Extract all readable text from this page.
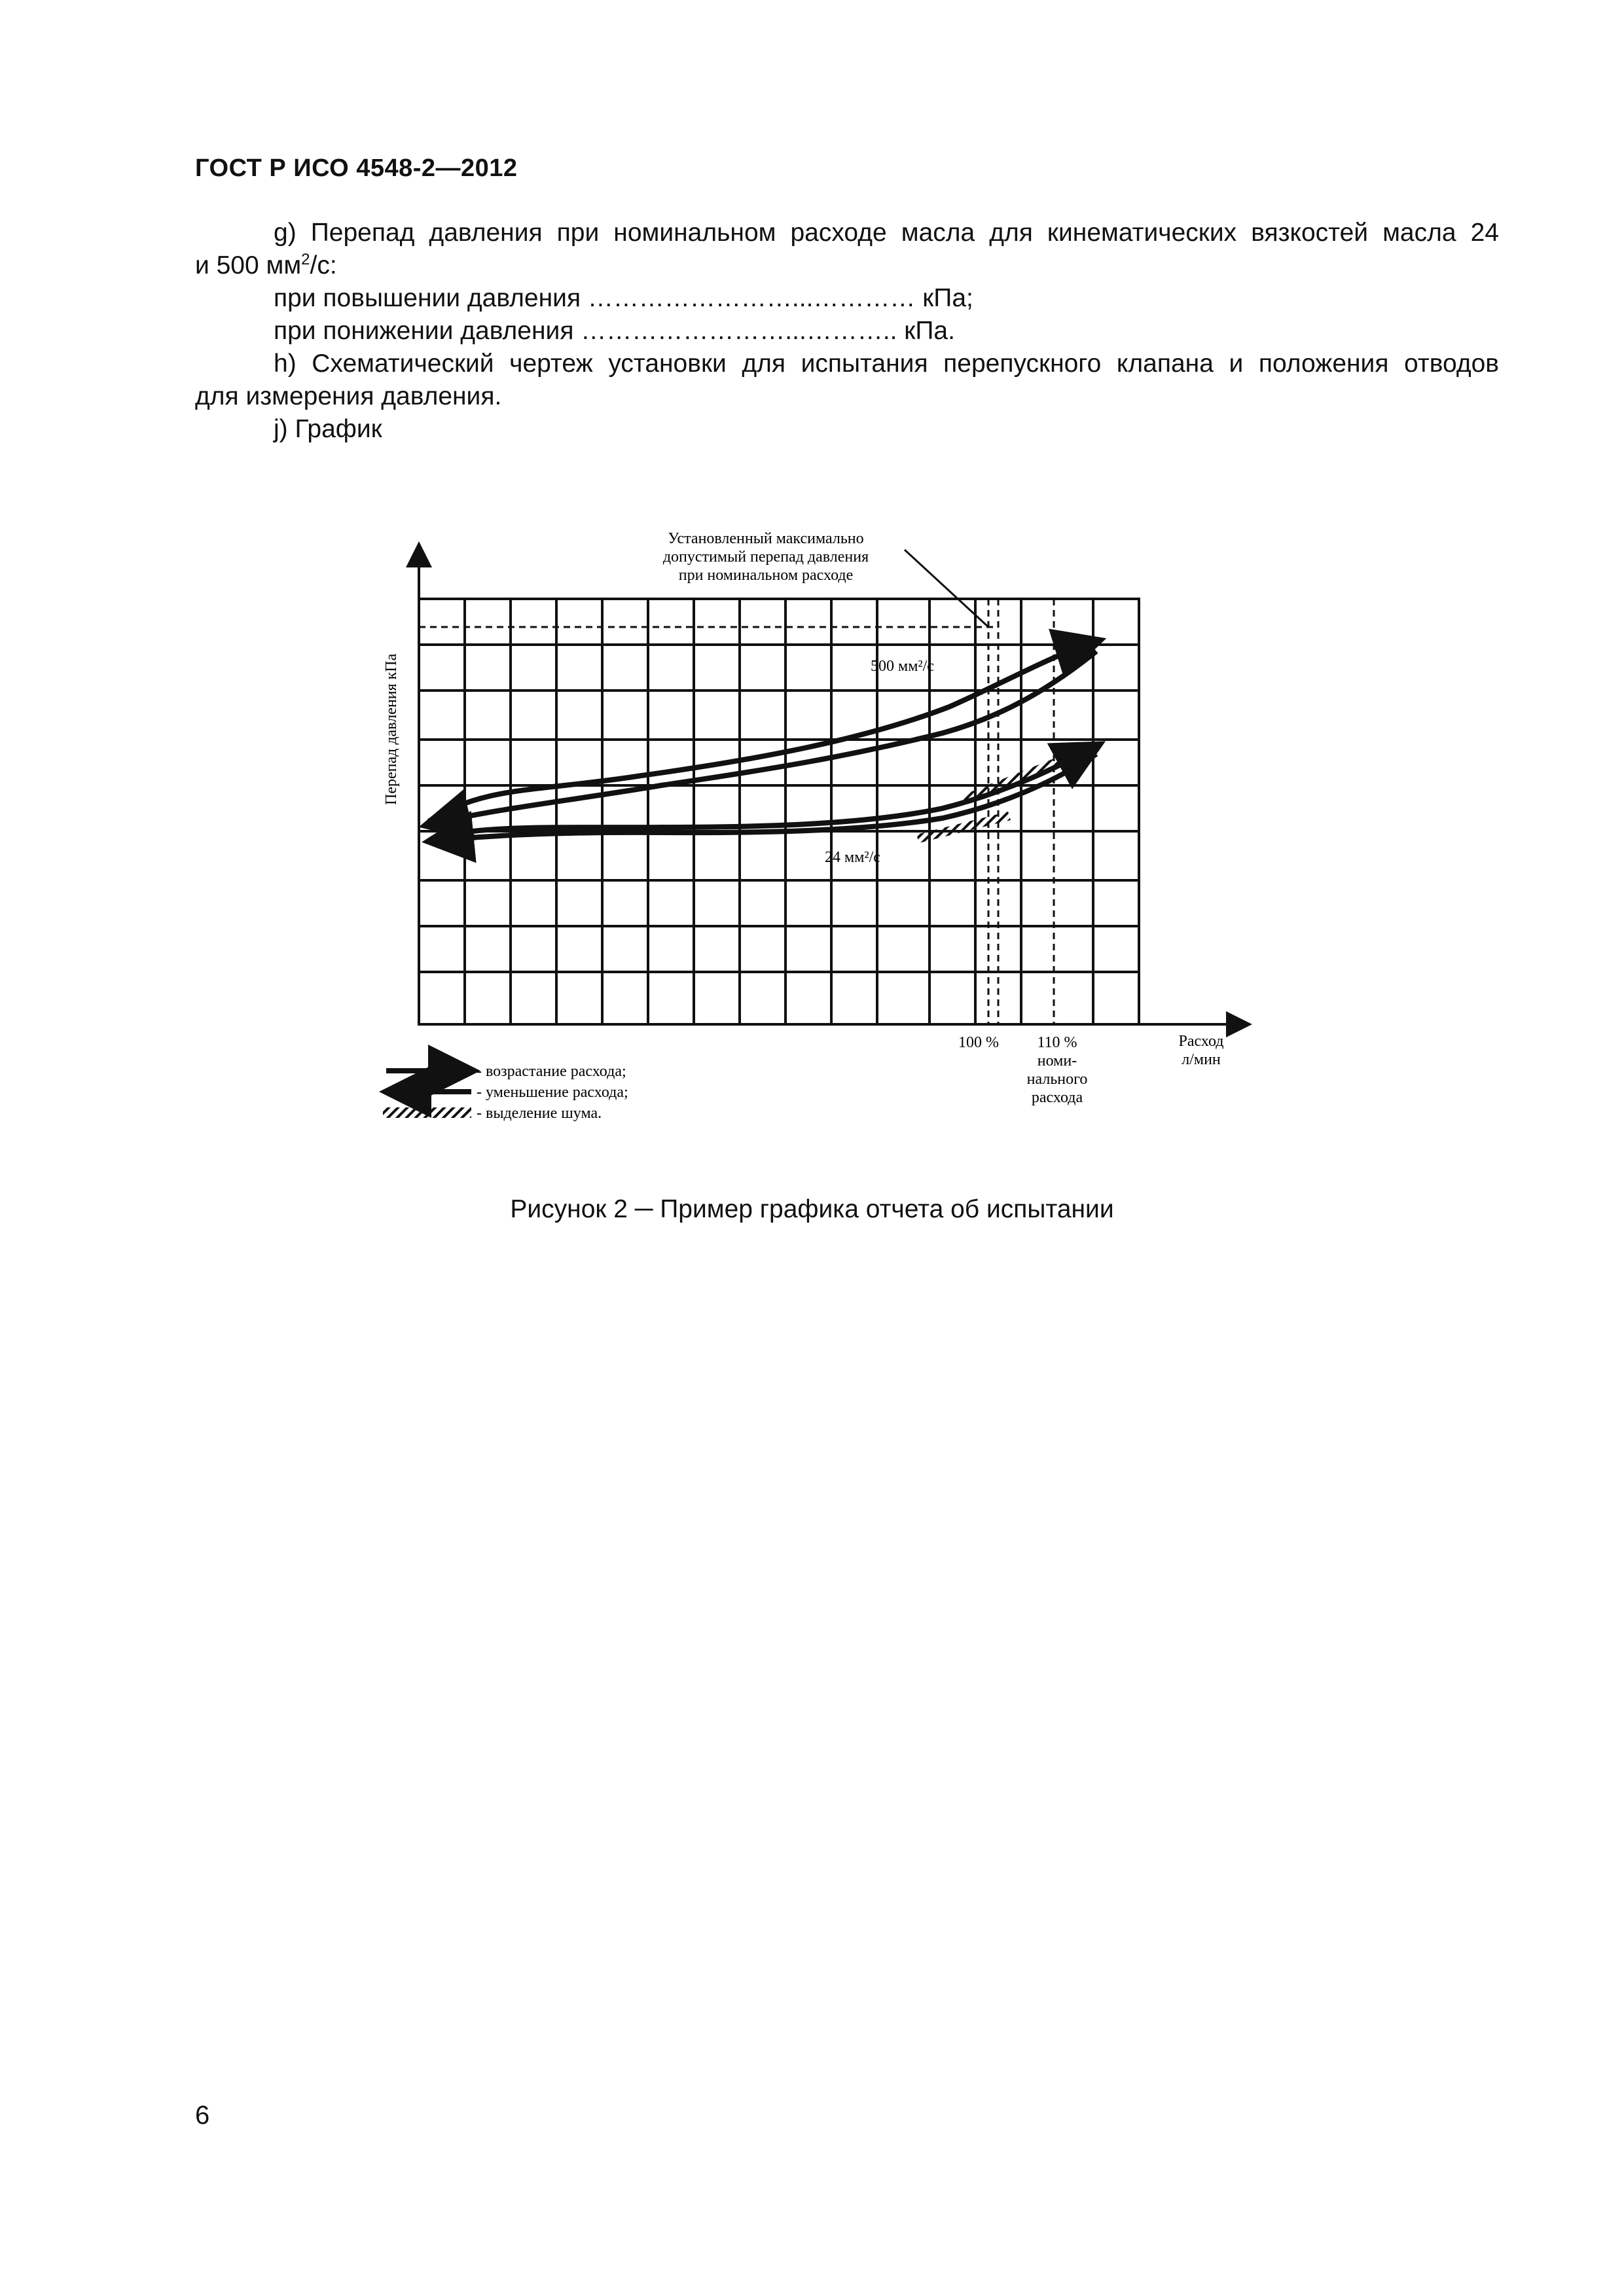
ГОСТ Р ИСО 4548-2—2012
g) Перепад давления при номинальном расходе масла для кинематических вязкостей масла 24
и 500 $мм^2/с$:
при повышении давления ……………………...………… кПа;
при понижении давления ……………………...……….. кПа.
h) Схематический чертеж установки для испытания перепускного клапана и положения отводов
для измерения давления.
j) График
Установленный максимально
допустимый перепад давления
при номинальном расходе
Перепад давления кПа	500 мм²/с
24 мм²/с
100 % 110 %
номи-
нального
расхода
Расход
л/мин
- возрастание расхода;
- уменьшение расхода;
- выделение шума.
Рисунок 2 ─ Пример графика отчета об испытании
6
